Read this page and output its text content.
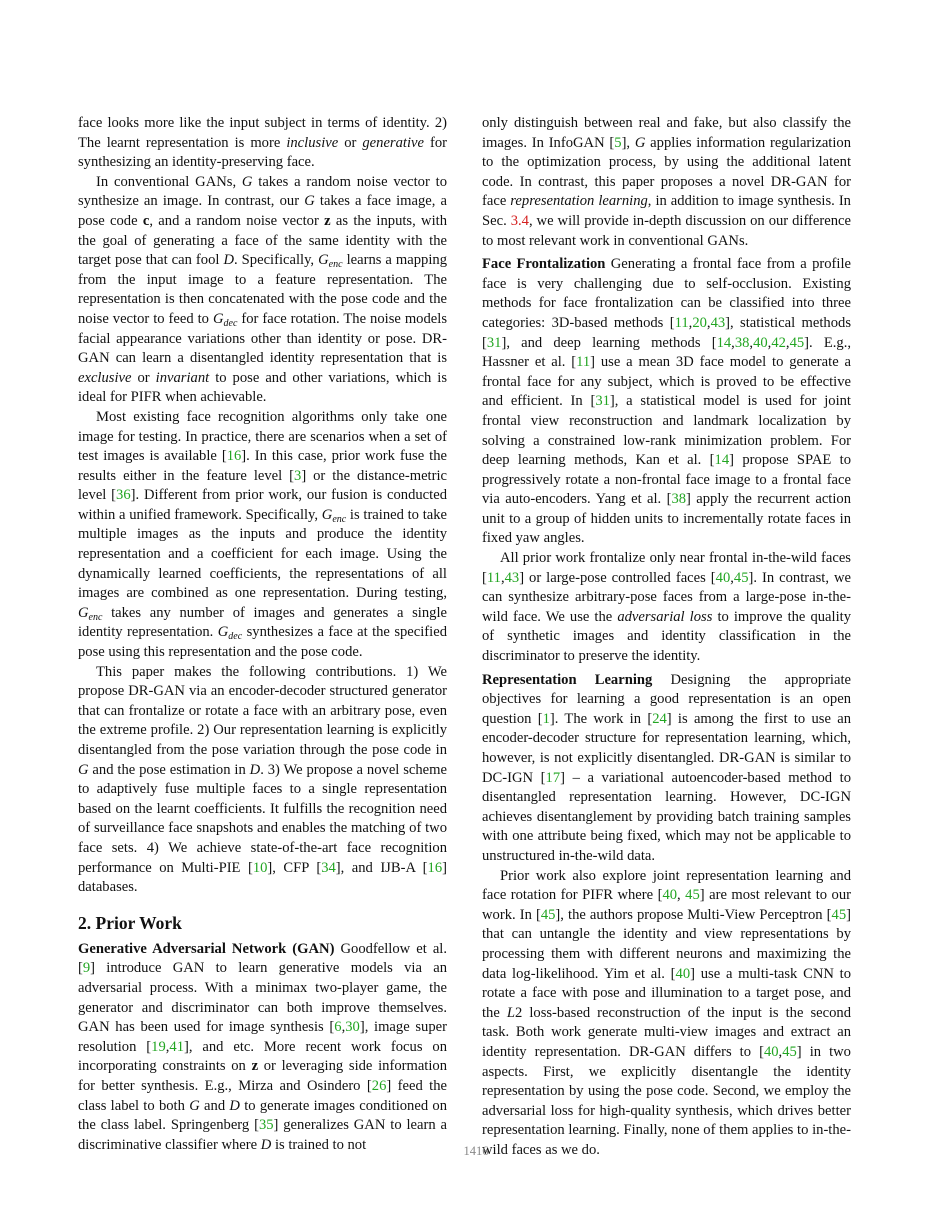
face looks more like the input subject in terms of identity. 2) The learnt representation is more inclusive or generative for synthesizing an identity-preserving face.

In conventional GANs, G takes a random noise vector to synthesize an image. In contrast, our G takes a face image, a pose code c, and a random noise vector z as the inputs, with the goal of generating a face of the same identity with the target pose that can fool D. Specifically, $G_{enc}$ learns a mapping from the input image to a feature representation. The representation is then concatenated with the pose code and the noise vector to feed to $G_{dec}$ for face rotation. The noise models facial appearance variations other than identity or pose. DR-GAN can learn a disentangled identity representation that is exclusive or invariant to pose and other variations, which is ideal for PIFR when achievable.

Most existing face recognition algorithms only take one image for testing. In practice, there are scenarios when a set of test images is available [16]. In this case, prior work fuse the results either in the feature level [3] or the distance-metric level [36]. Different from prior work, our fusion is conducted within a unified framework. Specifically, $G_{enc}$ is trained to take multiple images as the inputs and produce the identity representation and a coefficient for each image. Using the dynamically learned coefficients, the representations of all images are combined as one representation. During testing, $G_{enc}$ takes any number of images and generates a single identity representation. $G_{dec}$ synthesizes a face at the specified pose using this representation and the pose code.

This paper makes the following contributions. 1) We propose DR-GAN via an encoder-decoder structured generator that can frontalize or rotate a face with an arbitrary pose, even the extreme profile. 2) Our representation learning is explicitly disentangled from the pose variation through the pose code in G and the pose estimation in D. 3) We propose a novel scheme to adaptively fuse multiple faces to a single representation based on the learnt coefficients. It fulfills the recognition need of surveillance face snapshots and enables the matching of two face sets. 4) We achieve state-of-the-art face recognition performance on Multi-PIE [10], CFP [34], and IJB-A [16] databases.

2. Prior Work

Generative Adversarial Network (GAN) Goodfellow et al. [9] introduce GAN to learn generative models via an adversarial process. With a minimax two-player game, the generator and discriminator can both improve themselves. GAN has been used for image synthesis [6,30], image super resolution [19,41], and etc. More recent work focus on incorporating constraints on z or leveraging side information for better synthesis. E.g., Mirza and Osindero [26] feed the class label to both G and D to generate images conditioned on the class label. Springenberg [35] generalizes GAN to learn a discriminative classifier where D is trained to not

only distinguish between real and fake, but also classify the images. In InfoGAN [5], G applies information regularization to the optimization process, by using the additional latent code. In contrast, this paper proposes a novel DR-GAN for face representation learning, in addition to image synthesis. In Sec. 3.4, we will provide in-depth discussion on our difference to most relevant work in conventional GANs.

Face Frontalization Generating a frontal face from a profile face is very challenging due to self-occlusion. Existing methods for face frontalization can be classified into three categories: 3D-based methods [11,20,43], statistical methods [31], and deep learning methods [14,38,40,42,45]. E.g., Hassner et al. [11] use a mean 3D face model to generate a frontal face for any subject, which is proved to be effective and efficient. In [31], a statistical model is used for joint frontal view reconstruction and landmark localization by solving a constrained low-rank minimization problem. For deep learning methods, Kan et al. [14] propose SPAE to progressively rotate a non-frontal face image to a frontal face via auto-encoders. Yang et al. [38] apply the recurrent action unit to a group of hidden units to incrementally rotate faces in fixed yaw angles.

All prior work frontalize only near frontal in-the-wild faces [11,43] or large-pose controlled faces [40,45]. In contrast, we can synthesize arbitrary-pose faces from a large-pose in-the-wild face. We use the adversarial loss to improve the quality of synthetic images and identity classification in the discriminator to preserve the identity.

Representation Learning Designing the appropriate objectives for learning a good representation is an open question [1]. The work in [24] is among the first to use an encoder-decoder structure for representation learning, which, however, is not explicitly disentangled. DR-GAN is similar to DC-IGN [17] – a variational autoencoder-based method to disentangled representation learning. However, DC-IGN achieves disentanglement by providing batch training samples with one attribute being fixed, which may not be applicable to unstructured in-the-wild data.

Prior work also explore joint representation learning and face rotation for PIFR where [40, 45] are most relevant to our work. In [45], the authors propose Multi-View Perceptron [45] that can untangle the identity and view representations by processing them with different neurons and maximizing the data log-likelihood. Yim et al. [40] use a multi-task CNN to rotate a face with pose and illumination to a target pose, and the L2 loss-based reconstruction of the input is the second task. Both work generate multi-view images and extract an identity representation. DR-GAN differs to [40,45] in two aspects. First, we explicitly disentangle the identity representation by using the pose code. Second, we employ the adversarial loss for high-quality synthesis, which drives better representation learning. Finally, none of them applies to in-the-wild faces as we do.

1416
